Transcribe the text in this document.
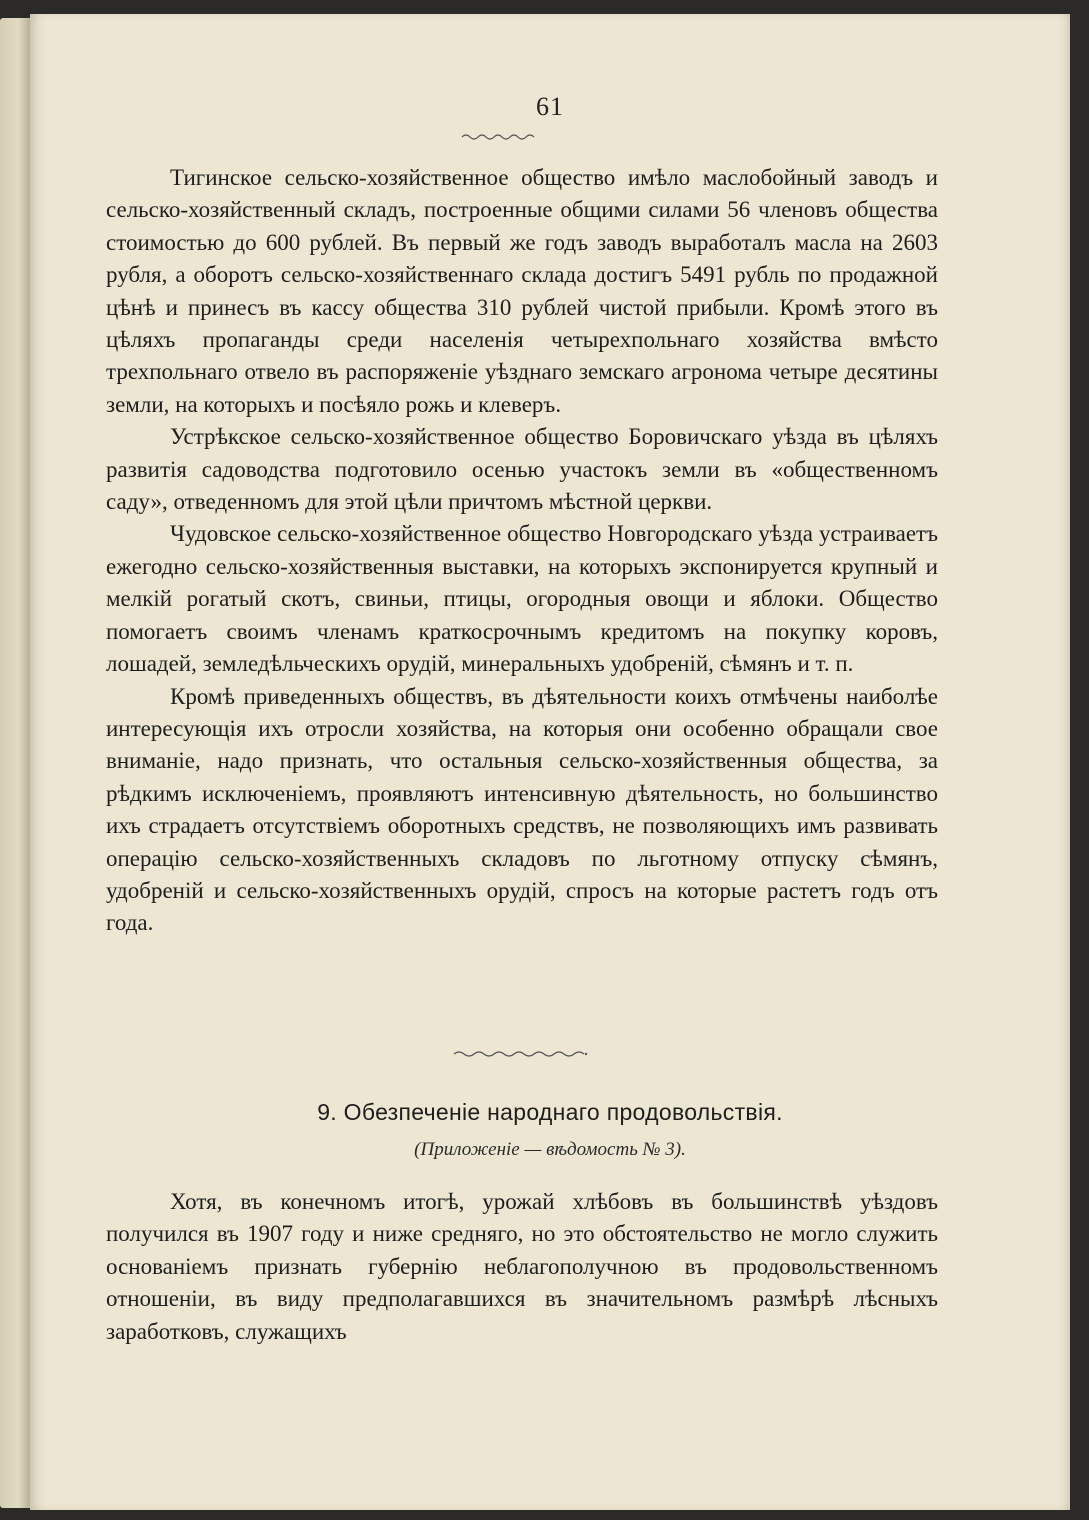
61

Тигинское сельско-хозяйственное общество имѣло маслобойный заводъ и сельско-хозяйственный складъ, построенные общими силами 56 членовъ общества стоимостью до 600 рублей. Въ первый же годъ заводъ выработалъ масла на 2603 рубля, а оборотъ сельско-хозяйственнаго склада достигъ 5491 рубль по продажной цѣнѣ и принесъ въ кассу общества 310 рублей чистой прибыли. Кромѣ этого въ цѣляхъ пропаганды среди населенія четырехпольнаго хозяйства вмѣсто трехпольнаго отвело въ распоряженіе уѣзднаго земскаго агронома четыре десятины земли, на которыхъ и посѣяло рожь и клеверъ.

Устрѣкское сельско-хозяйственное общество Боровичскаго уѣзда въ цѣляхъ развитія садоводства подготовило осенью участокъ земли въ «общественномъ саду», отведенномъ для этой цѣли причтомъ мѣстной церкви.

Чудовское сельско-хозяйственное общество Новгородскаго уѣзда устраиваетъ ежегодно сельско-хозяйственныя выставки, на которыхъ экспонируется крупный и мелкій рогатый скотъ, свиньи, птицы, огородныя овощи и яблоки. Общество помогаетъ своимъ членамъ краткосрочнымъ кредитомъ на покупку коровъ, лошадей, земледѣльческихъ орудій, минеральныхъ удобреній, сѣмянъ и т. п.

Кромѣ приведенныхъ обществъ, въ дѣятельности коихъ отмѣчены наиболѣе интересующія ихъ отросли хозяйства, на которыя они особенно обращали свое вниманіе, надо признать, что остальныя сельско-хозяйственныя общества, за рѣдкимъ исключеніемъ, проявляютъ интенсивную дѣятельность, но большинство ихъ страдаетъ отсутствіемъ оборотныхъ средствъ, не позволяющихъ имъ развивать операцію сельско-хозяйственныхъ складовъ по льготному отпуску сѣмянъ, удобреній и сельско-хозяйственныхъ орудій, спросъ на которые растетъ годъ отъ года.

9. Обезпеченіе народнаго продовольствія.
(Приложеніе — вѣдомость № 3).

Хотя, въ конечномъ итогѣ, урожай хлѣбовъ въ большинствѣ уѣздовъ получился въ 1907 году и ниже средняго, но это обстоятельство не могло служить основаніемъ признать губернію неблагополучною въ продовольственномъ отношеніи, въ виду предполагавшихся въ значительномъ размѣрѣ лѣсныхъ заработковъ, служащихъ
